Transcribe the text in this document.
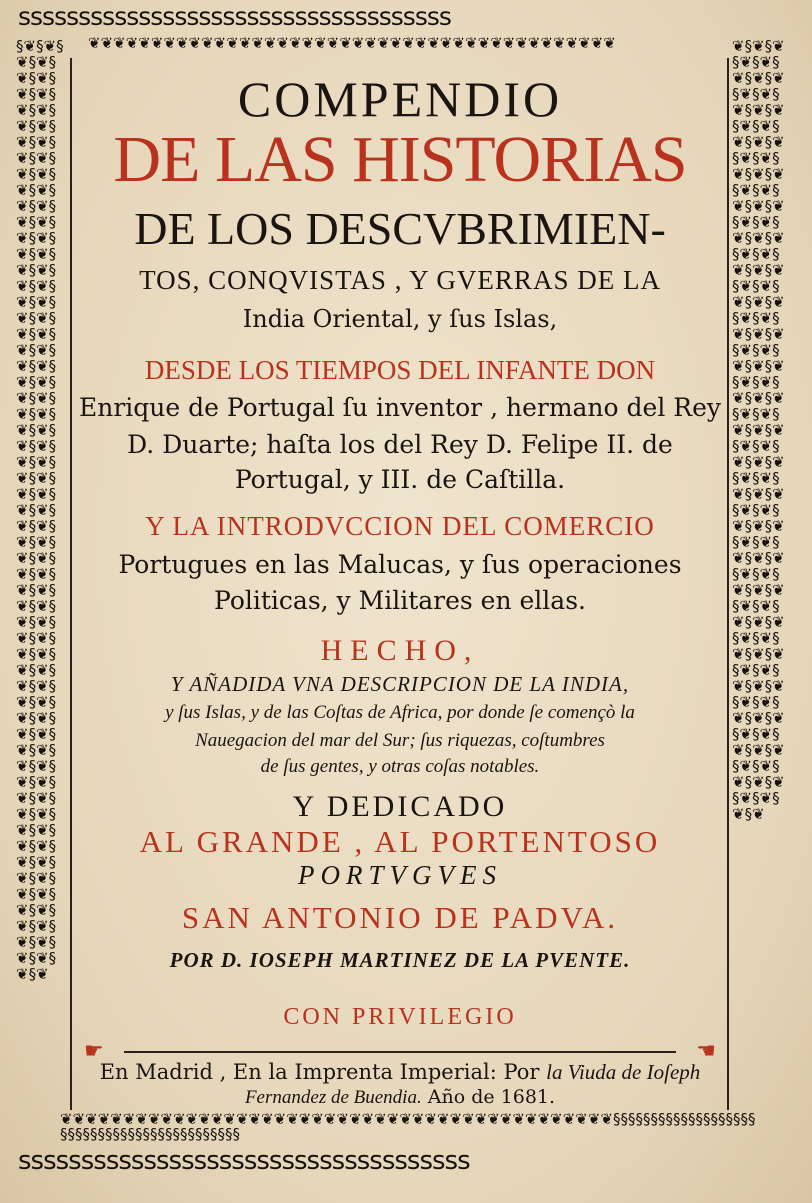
ssssssssssssssssssssssssssssssssssss
❦❦❦❦❦❦❦❦❦❦❦❦❦❦❦❦❦❦❦❦❦❦❦❦❦❦❦❦❦❦❦❦❦❦❦❦❦❦❦❦❦❦
§❦§❦§❦§❦§❦§❦§❦§❦§❦§❦§❦§❦§❦§❦§❦§❦§❦§❦§❦§❦§❦§❦§❦§❦§❦§❦§❦§❦§❦§❦§❦§❦§❦§❦§❦§❦§❦§❦§❦§❦§❦§❦§❦§❦§❦§❦§❦§❦§❦§❦§❦§❦§❦§❦§❦§❦§❦§❦§❦§❦§❦§❦§❦§❦§❦§❦§❦§❦§❦§❦§❦§❦§❦§❦§❦§❦§❦§❦§❦§❦§❦§❦§❦§❦§❦§❦§❦§❦§❦§❦§❦§❦§❦§❦§❦§❦§❦§❦§❦§❦§❦§❦§❦§❦§❦§❦§❦§❦§❦§❦§❦§❦§❦§❦§❦§❦§❦§❦
❦§❦§❦§❦§❦§❦§❦§❦§❦§❦§❦§❦§❦§❦§❦§❦§❦§❦§❦§❦§❦§❦§❦§❦§❦§❦§❦§❦§❦§❦§❦§❦§❦§❦§❦§❦§❦§❦§❦§❦§❦§❦§❦§❦§❦§❦§❦§❦§❦§❦§❦§❦§❦§❦§❦§❦§❦§❦§❦§❦§❦§❦§❦§❦§❦§❦§❦§❦§❦§❦§❦§❦§❦§❦§❦§❦§❦§❦§❦§❦§❦§❦§❦§❦§❦§❦§❦§❦§❦§❦§❦§❦§❦§❦§❦§❦§❦§❦§❦§❦§❦§❦§❦§❦§❦§❦§❦§❦§❦§❦§❦§❦§❦§❦§❦§❦§❦§❦§❦§❦§❦§❦
❦❦❦❦❦❦❦❦❦❦❦❦❦❦❦❦❦❦❦❦❦❦❦❦❦❦❦❦❦❦❦❦❦❦❦❦❦❦❦❦❦❦❦❦§§§§§§§§§§§§§§§§§§§§§§§§§§§§§§§§§§§§§§§§§§§
ssssssssssssssssssssssssssssssssssss
COMPENDIO
DE LAS HISTORIAS
DE LOS DESCVBRIMIEN-
TOS, CONQVISTAS , Y GVERRAS DE LA
India Oriental, y ſus Islas,
DESDE LOS TIEMPOS DEL INFANTE DON
Enrique de Portugal ſu inventor , hermano del Rey
D. Duarte; haſta los del Rey D. Felipe II. de
Portugal, y III. de Caſtilla.
Y LA INTRODVCCION DEL COMERCIO
Portugues en las Malucas, y ſus operaciones
Politicas, y Militares en ellas.
HECHO,
Y AÑADIDA VNA DESCRIPCION DE LA INDIA,
y ſus Islas, y de las Coſtas de Africa, por donde ſe començò la
Nauegacion del mar del Sur; ſus riquezas, coſtumbres
de ſus gentes, y otras coſas notables.
Y DEDICADO
AL GRANDE , AL PORTENTOSO
PORTVGVES
SAN ANTONIO DE PADVA.
POR D. IOSEPH MARTINEZ DE LA PVENTE.
CON PRIVILEGIO
☛	☚
En Madrid , En la Imprenta Imperial: Por la Viuda de Ioſeph
Fernandez de Buendia. Año de 1681.
